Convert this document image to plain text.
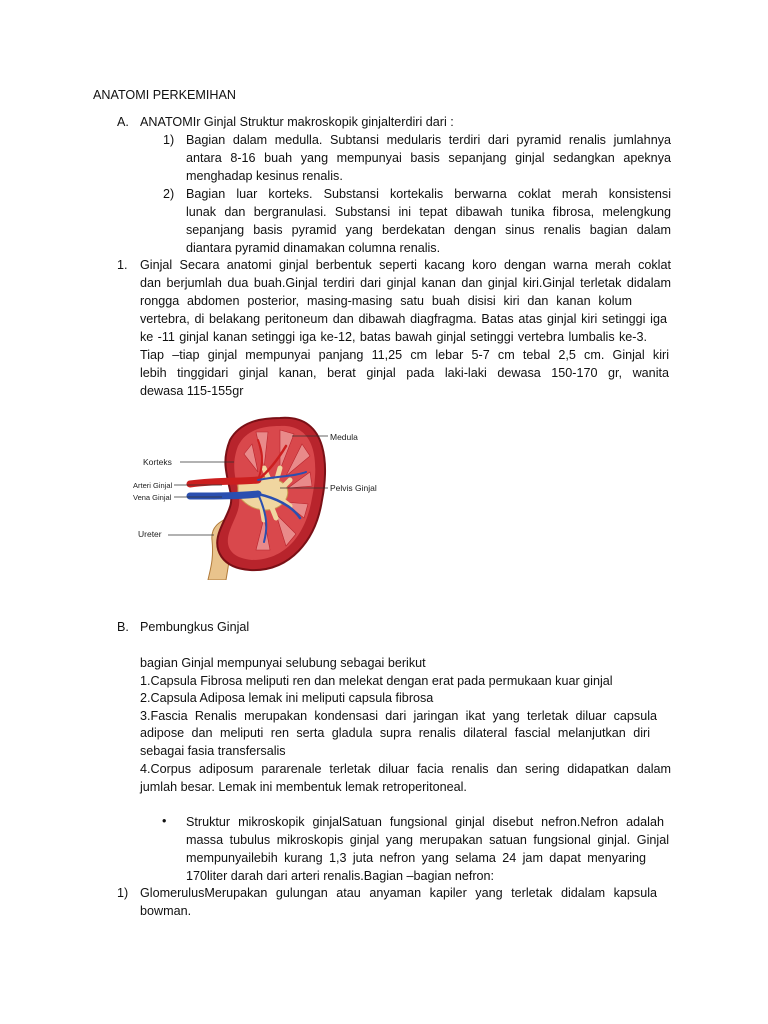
ANATOMI PERKEMIHAN
A. ANATOMIr Ginjal Struktur makroskopik ginjalterdiri dari :
1) Bagian dalam medulla. Subtansi medularis terdiri dari pyramid renalis jumlahnya
antara 8-16 buah yang mempunyai basis sepanjang ginjal sedangkan apeknya
menghadap kesinus renalis.
2) Bagian luar korteks. Substansi kortekalis berwarna coklat merah konsistensi
lunak dan bergranulasi. Substansi ini tepat dibawah tunika fibrosa, melengkung
sepanjang basis pyramid yang berdekatan dengan sinus renalis bagian dalam
diantara pyramid dinamakan columna renalis.
1. Ginjal Secara anatomi ginjal berbentuk seperti kacang koro dengan warna merah coklat
dan berjumlah dua buah.Ginjal terdiri dari ginjal kanan dan ginjal kiri.Ginjal terletak didalam
rongga abdomen posterior, masing-masing satu buah disisi kiri dan kanan kolum
vertebra, di belakang peritoneum dan dibawah diagfragma. Batas atas ginjal kiri setinggi iga
ke -11 ginjal kanan setinggi iga ke-12, batas bawah ginjal setinggi vertebra lumbalis ke-3.
Tiap –tiap ginjal mempunyai panjang 11,25 cm lebar 5-7 cm tebal 2,5 cm. Ginjal kiri
lebih tinggidari ginjal kanan, berat ginjal pada laki-laki dewasa 150-170 gr, wanita
dewasa 115-155gr
Medula
Korteks
Arteri Ginjal
Vena Ginjal
Pelvis Ginjal
Ureter
B. Pembungkus Ginjal
bagian Ginjal mempunyai selubung sebagai berikut
1.Capsula Fibrosa meliputi ren dan melekat dengan erat pada permukaan kuar ginjal
2.Capsula Adiposa lemak ini meliputi capsula fibrosa
3.Fascia Renalis merupakan kondensasi dari jaringan ikat yang terletak diluar capsula
adipose dan meliputi ren serta gladula supra renalis dilateral fascial melanjutkan diri
sebagai fasia transfersalis
4.Corpus adiposum pararenale terletak diluar facia renalis dan sering didapatkan dalam
jumlah besar. Lemak ini membentuk lemak retroperitoneal.
• Struktur mikroskopik ginjalSatuan fungsional ginjal disebut nefron.Nefron adalah
massa tubulus mikroskopis ginjal yang merupakan satuan fungsional ginjal. Ginjal
mempunyailebih kurang 1,3 juta nefron yang selama 24 jam dapat menyaring
170liter darah dari arteri renalis.Bagian –bagian nefron:
1) GlomerulusMerupakan gulungan atau anyaman kapiler yang terletak didalam kapsula
bowman.
